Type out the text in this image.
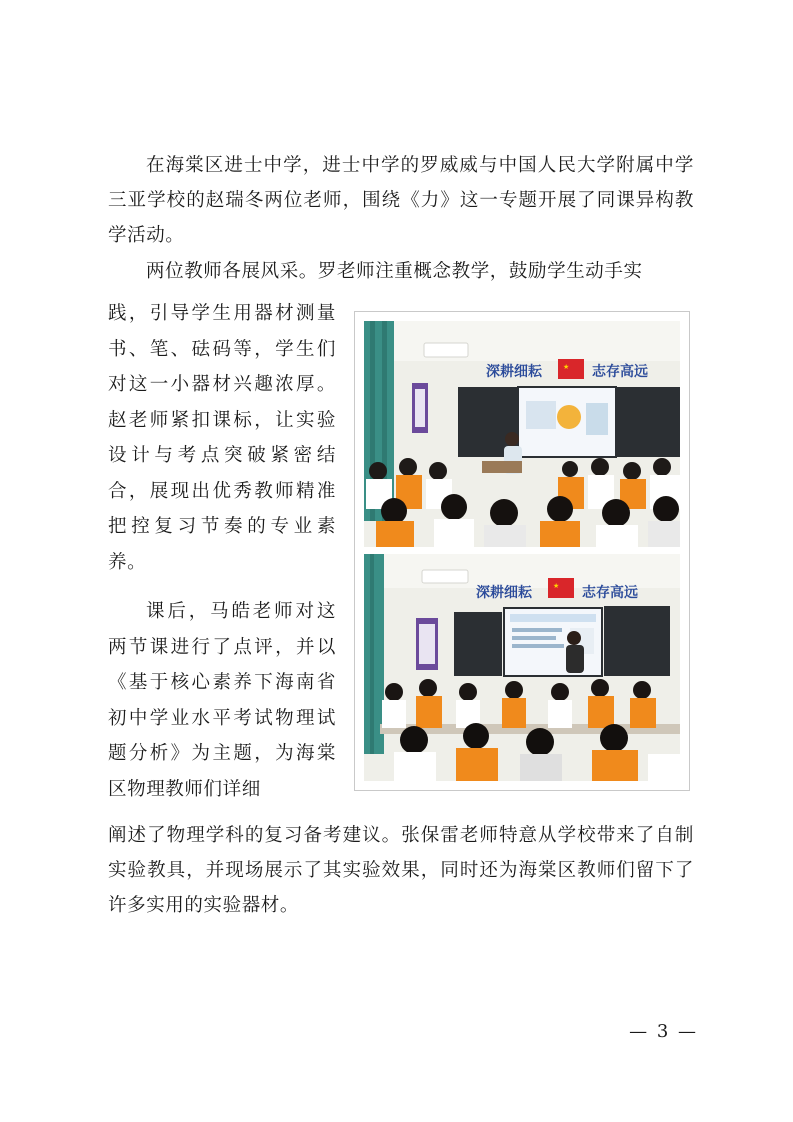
在海棠区进士中学，进士中学的罗威威与中国人民大学附属中学三亚学校的赵瑞冬两位老师，围绕《力》这一专题开展了同课异构教学活动。

两位教师各展风采。罗老师注重概念教学，鼓励学生动手实

践，引导学生用器材测量书、笔、砝码等，学生们对这一小器材兴趣浓厚。赵老师紧扣课标，让实验设计与考点突破紧密结合，展现出优秀教师精准把控复习节奏的专业素养。

课后，马皓老师对这两节课进行了点评，并以《基于核心素养下海南省初中学业水平考试物理试题分析》为主题，为海棠区物理教师们详细

阐述了物理学科的复习备考建议。张保雷老师特意从学校带来了自制实验教具，并现场展示了其实验效果，同时还为海棠区教师们留下了许多实用的实验器材。

深耕细耘	★ 志存高远
深耕细耘	★ 志存高远
— 3 —
